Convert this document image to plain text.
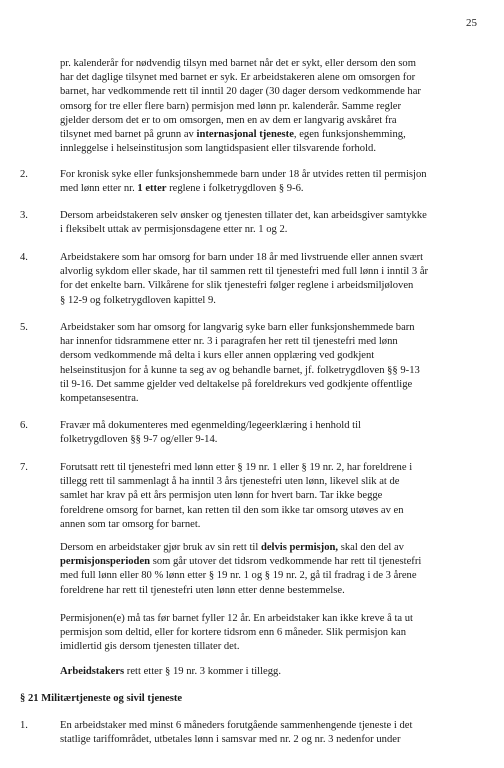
25
pr. kalenderår for nødvendig tilsyn med barnet når det er sykt, eller dersom den som
har det daglige tilsynet med barnet er syk. Er arbeidstakeren alene om omsorgen for
barnet, har vedkommende rett til inntil 20 dager (30 dager dersom vedkommende har
omsorg for tre eller flere barn) permisjon med lønn pr. kalenderår. Samme regler
gjelder dersom det er to om omsorgen, men en av dem er langvarig avskåret fra
tilsynet med barnet på grunn av internasjonal tjeneste, egen funksjonshemming,
innleggelse i helseinstitusjon som langtidspasient eller tilsvarende forhold.
2.	For kronisk syke eller funksjonshemmede barn under 18 år utvides retten til permisjon
med lønn etter nr. 1 etter reglene i folketrygdloven § 9-6.
3.	Dersom arbeidstakeren selv ønsker og tjenesten tillater det, kan arbeidsgiver samtykke
i fleksibelt uttak av permisjonsdagene etter nr. 1 og 2.
4.	Arbeidstakere som har omsorg for barn under 18 år med livstruende eller annen svært
alvorlig sykdom eller skade, har til sammen rett til tjenestefri med full lønn i inntil 3 år
for det enkelte barn. Vilkårene for slik tjenestefri følger reglene i arbeidsmiljøloven
§ 12-9 og folketrygdloven kapittel 9.
5.	Arbeidstaker som har omsorg for langvarig syke barn eller funksjonshemmede barn
har innenfor tidsrammene etter nr. 3 i paragrafen her rett til tjenestefri med lønn
dersom vedkommende må delta i kurs eller annen opplæring ved godkjent
helseinstitusjon for å kunne ta seg av og behandle barnet, jf. folketrygdloven §§ 9-13
til 9-16. Det samme gjelder ved deltakelse på foreldrekurs ved godkjente offentlige
kompetansesentra.
6.	Fravær må dokumenteres med egenmelding/legeerklæring i henhold til
folketrygdloven §§ 9-7 og/eller 9-14.
7.	Forutsatt rett til tjenestefri med lønn etter § 19 nr. 1 eller § 19 nr. 2, har foreldrene i
tillegg rett til sammenlagt å ha inntil 3 års tjenestefri uten lønn, likevel slik at de
samlet har krav på ett års permisjon uten lønn for hvert barn. Tar ikke begge
foreldrene omsorg for barnet, kan retten til den som ikke tar omsorg utøves av en
annen som tar omsorg for barnet.
Dersom en arbeidstaker gjør bruk av sin rett til delvis permisjon, skal den del av
permisjonsperioden som går utover det tidsrom vedkommende har rett til tjenestefri
med full lønn eller 80 % lønn etter § 19 nr. 1 og § 19 nr. 2, gå til fradrag i de 3 årene
foreldrene har rett til tjenestefri uten lønn etter denne bestemmelse.
Permisjonen(e) må tas før barnet fyller 12 år. En arbeidstaker kan ikke kreve å ta ut
permisjon som deltid, eller for kortere tidsrom enn 6 måneder. Slik permisjon kan
imidlertid gis dersom tjenesten tillater det.
Arbeidstakers rett etter § 19 nr. 3 kommer i tillegg.
§ 21 Militærtjeneste og sivil tjeneste
1.	En arbeidstaker med minst 6 måneders forutgående sammenhengende tjeneste i det
statlige tariffområdet, utbetales lønn i samsvar med nr. 2 og nr. 3 nedenfor under
